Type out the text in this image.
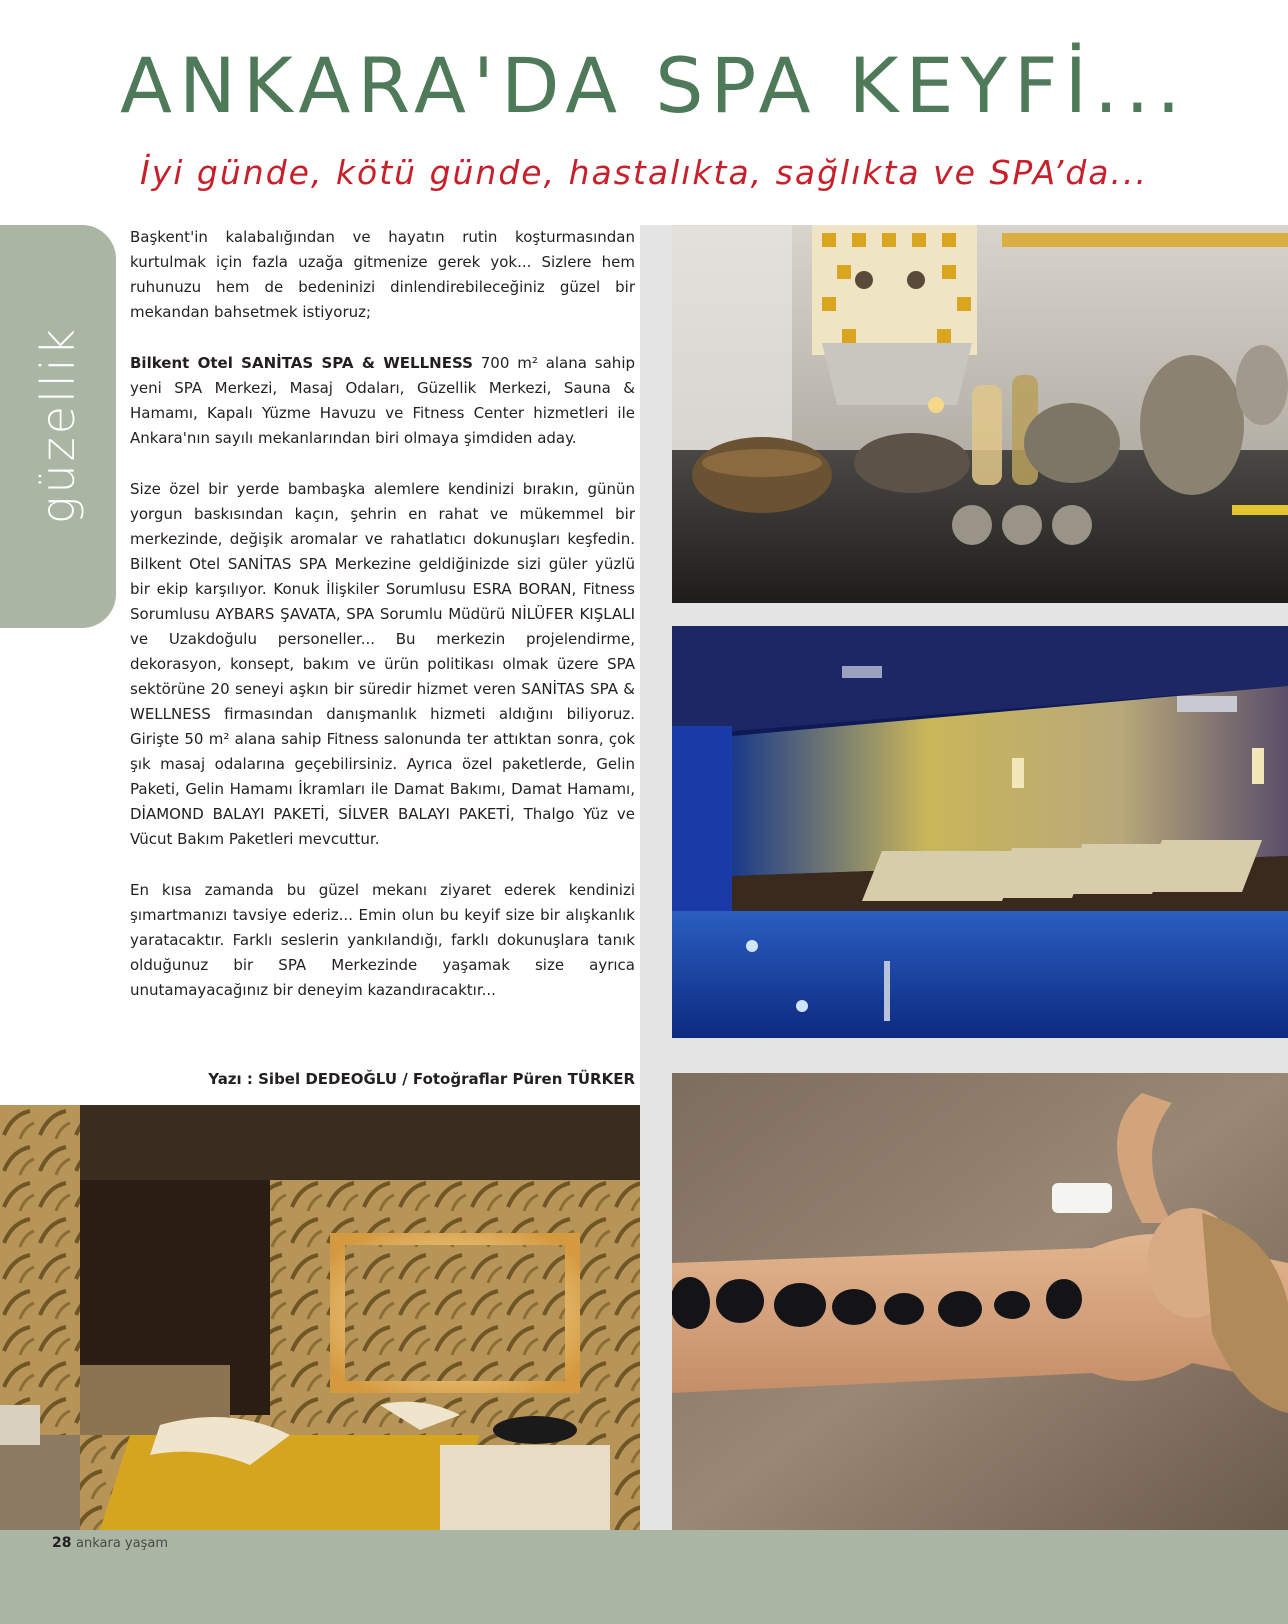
ANKARA'DA SPA KEYFİ...
İyi günde, kötü günde, hastalıkta, sağlıkta ve SPA’da...
güzellik

Başkent'in kalabalığından ve hayatın rutin koşturmasından kurtulmak için fazla uzağa gitmenize gerek yok... Sizlere hem ruhunuzu hem de bedeninizi dinlendirebileceğiniz güzel bir mekandan bahsetmek istiyoruz;

Bilkent Otel SANİTAS SPA & WELLNESS 700 m² alana sahip yeni SPA Merkezi, Masaj Odaları, Güzellik Merkezi, Sauna & Hamamı, Kapalı Yüzme Havuzu ve Fitness Center hizmetleri ile Ankara'nın sayılı mekanlarından biri olmaya şimdiden aday.

Size özel bir yerde bambaşka alemlere kendinizi bırakın, günün yorgun baskısından kaçın, şehrin en rahat ve mükemmel bir merkezinde, değişik aromalar ve rahatlatıcı dokunuşları keşfedin. Bilkent Otel SANİTAS SPA Merkezine geldiğinizde sizi güler yüzlü bir ekip karşılıyor. Konuk İlişkiler Sorumlusu ESRA BORAN, Fitness Sorumlusu AYBARS ŞAVATA, SPA Sorumlu Müdürü NİLÜFER KIŞLALI ve Uzakdoğulu personeller... Bu merkezin projelendirme, dekorasyon, konsept, bakım ve ürün politikası olmak üzere SPA sektörüne 20 seneyi aşkın bir süredir hizmet veren SANİTAS SPA & WELLNESS firmasından danışmanlık hizmeti aldığını biliyoruz. Girişte 50 m² alana sahip Fitness salonunda ter attıktan sonra, çok şık masaj odalarına geçebilirsiniz. Ayrıca özel paketlerde, Gelin Paketi, Gelin Hamamı İkramları ile Damat Bakımı, Damat Hamamı, DİAMOND BALAYI PAKETİ, SİLVER BALAYI PAKETİ, Thalgo Yüz ve Vücut Bakım Paketleri mevcuttur.

En kısa zamanda bu güzel mekanı ziyaret ederek kendinizi şımartmanızı tavsiye ederiz... Emin olun bu keyif size bir alışkanlık yaratacaktır. Farklı seslerin yankılandığı, farklı dokunuşlara tanık olduğunuz bir SPA Merkezinde yaşamak size ayrıca unutamayacağınız bir deneyim kazandıracaktır...

Yazı : Sibel DEDEOĞLU / Fotoğraflar Püren TÜRKER
28 ankara yaşam
